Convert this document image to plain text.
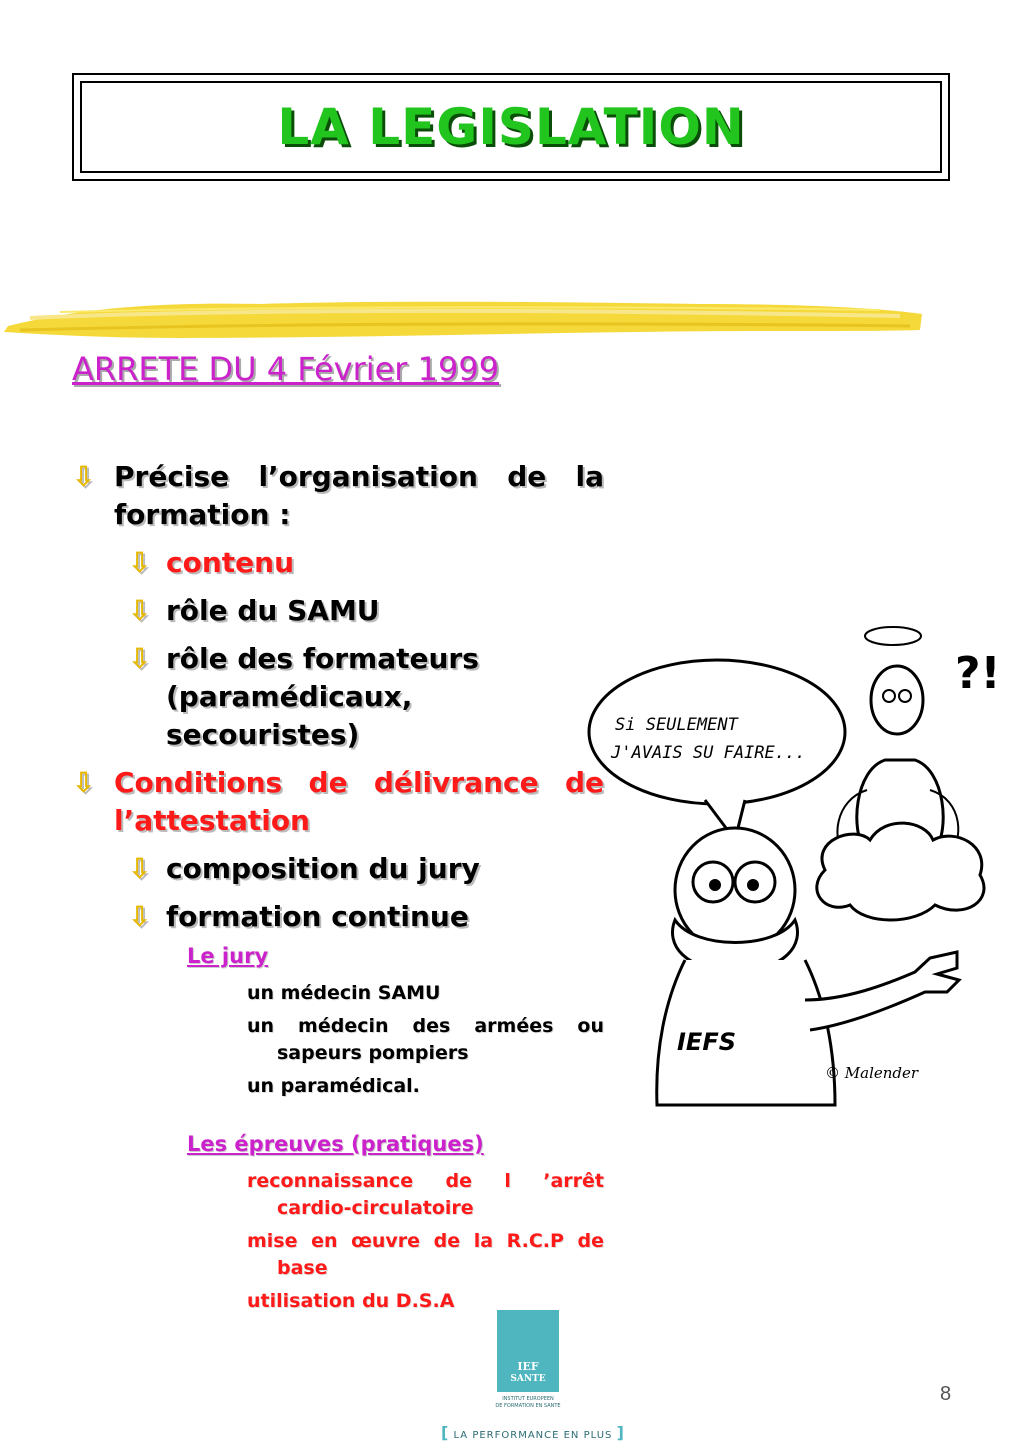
LA LEGISLATION
ARRETE DU 4 Février 1999
⇩ Précise l’organisation de la formation :
⇩ contenu
⇩ rôle du SAMU
⇩ rôle des formateurs (paramédicaux, secouristes)
⇩ Conditions de délivrance de l’attestation
⇩ composition du jury
⇩ formation continue
Le jury
un médecin SAMU
un médecin des armées ou
sapeurs pompiers
un paramédical.
Les épreuves (pratiques)
reconnaissance de l ’arrêt
cardio-circulatoire
mise en œuvre de la R.C.P de
base
utilisation du D.S.A
Si SEULEMENT
J'AVAIS SU FAIRE...
?!
IEFS
© Malender
IEF
SANTE
INSTITUT EUROPEEN
DE FORMATION EN SANTE
[ LA PERFORMANCE EN PLUS ]
8
